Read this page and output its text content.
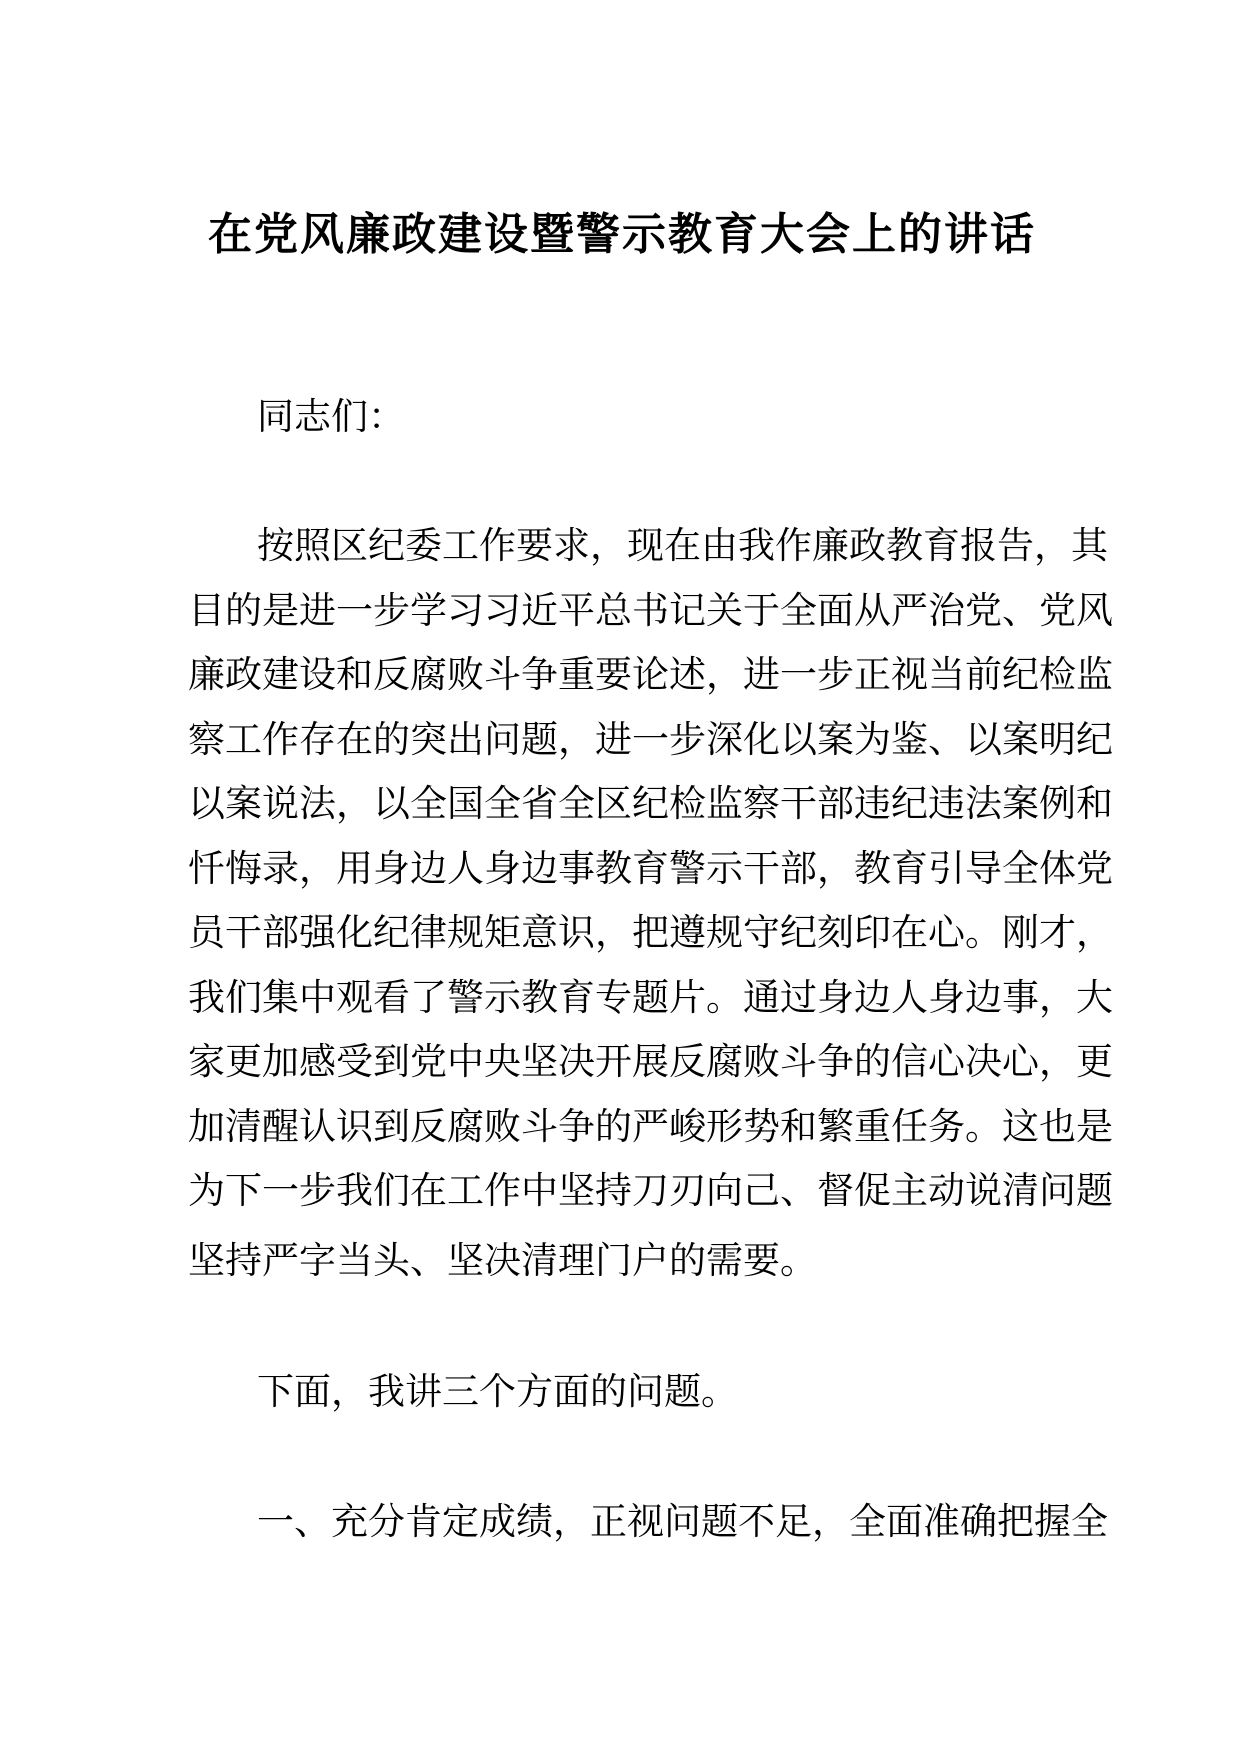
在党风廉政建设暨警示教育大会上的讲话
同志们：
按照区纪委工作要求，现在由我作廉政教育报告，其
目的是进一步学习习近平总书记关于全面从严治党、党风
廉政建设和反腐败斗争重要论述，进一步正视当前纪检监
察工作存在的突出问题，进一步深化以案为鉴、以案明纪
以案说法，以全国全省全区纪检监察干部违纪违法案例和
忏悔录，用身边人身边事教育警示干部，教育引导全体党
员干部强化纪律规矩意识，把遵规守纪刻印在心。刚才，
我们集中观看了警示教育专题片。通过身边人身边事，大
家更加感受到党中央坚决开展反腐败斗争的信心决心，更
加清醒认识到反腐败斗争的严峻形势和繁重任务。这也是
为下一步我们在工作中坚持刀刃向己、督促主动说清问题
坚持严字当头、坚决清理门户的需要。
下面，我讲三个方面的问题。
一、充分肯定成绩，正视问题不足，全面准确把握全
